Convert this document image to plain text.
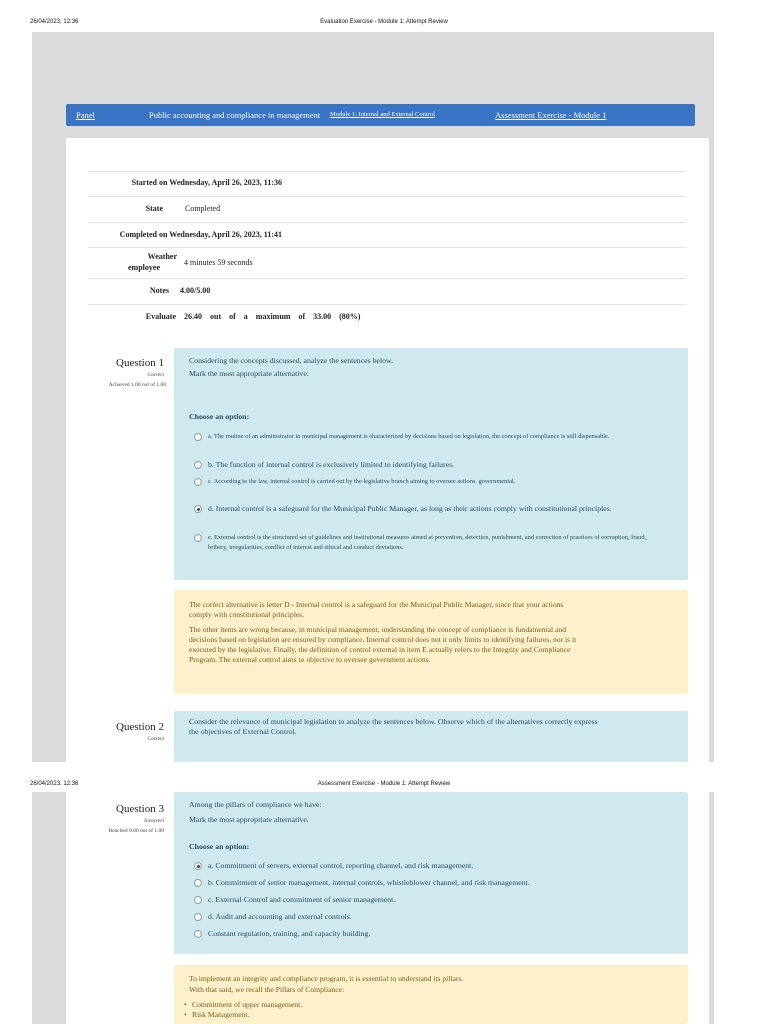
26/04/2023, 12:36	Evaluation Exercise - Module 1: Attempt Review
Panel	Public accounting and compliance in management Module 1: Internal and External Control	Assessment Exercise - Module 1
Started on Wednesday, April 26, 2023, 11:36
State	Completed
Completed on Wednesday, April 26, 2023, 11:41
Weather
employee
4 minutes 59 seconds
Notes 4.00/5.00
Evaluate 26.40 out of a maximum of 33.00 (80%)
Question 1
Correct
Achieved 1.00 out of 1.00
Considering the concepts discussed, analyze the sentences below.
Mark the most appropriate alternative:
Choose an option:
a. The routine of an administrator in municipal management is characterized by decisions based on legislation, the concept of compliance is still dispensable.
b. The function of internal control is exclusively limited to identifying failures.
c. According to the law, internal control is carried out by the legislative branch aiming to oversee actions. governmental.
d. Internal control is a safeguard for the Municipal Public Manager, as long as their actions comply with constitutional principles.
e. External control is the structured set of guidelines and institutional measures aimed at prevention, detection, punishment, and correction of practices of corruption, fraud, bribery, irregularities, conflict of interest and ethical and conduct deviations.
The correct alternative is letter D - Internal control is a safeguard for the Municipal Public Manager, since that your actions comply with constitutional principles.
The other items are wrong because, in municipal management, understanding the concept of compliance is fundamental and decisions based on legislation are ensured by compliance. Internal control does not it only limits to identifying failures, nor is it executed by the legislative. Finally, the definition of control external in item E actually refers to the Integrity and Compliance Program. The external control aims to objective to oversee government actions.
Question 2
Correct
Consider the relevance of municipal legislation to analyze the sentences below. Observe which of the alternatives correctly express the objectives of External Control.
26/04/2023, 12:36	Assessment Exercise - Module 1: Attempt Review
Question 3
Incorrect
Reached 0.00 out of 1.00
Among the pillars of compliance we have:
Mark the most appropriate alternative.
Choose an option:
a. Commitment of servers, external control, reporting channel, and risk management.
b. Commitment of senior management, internal controls, whistleblower channel, and risk management.
c. External Control and commitment of senior management.
d. Audit and accounting and external controls.
Constant regulation, training, and capacity building.
To implement an integrity and compliance program, it is essential to understand its pillars.
With that said, we recall the Pillars of Compliance:
• Commitment of upper management.
• Risk Management.
